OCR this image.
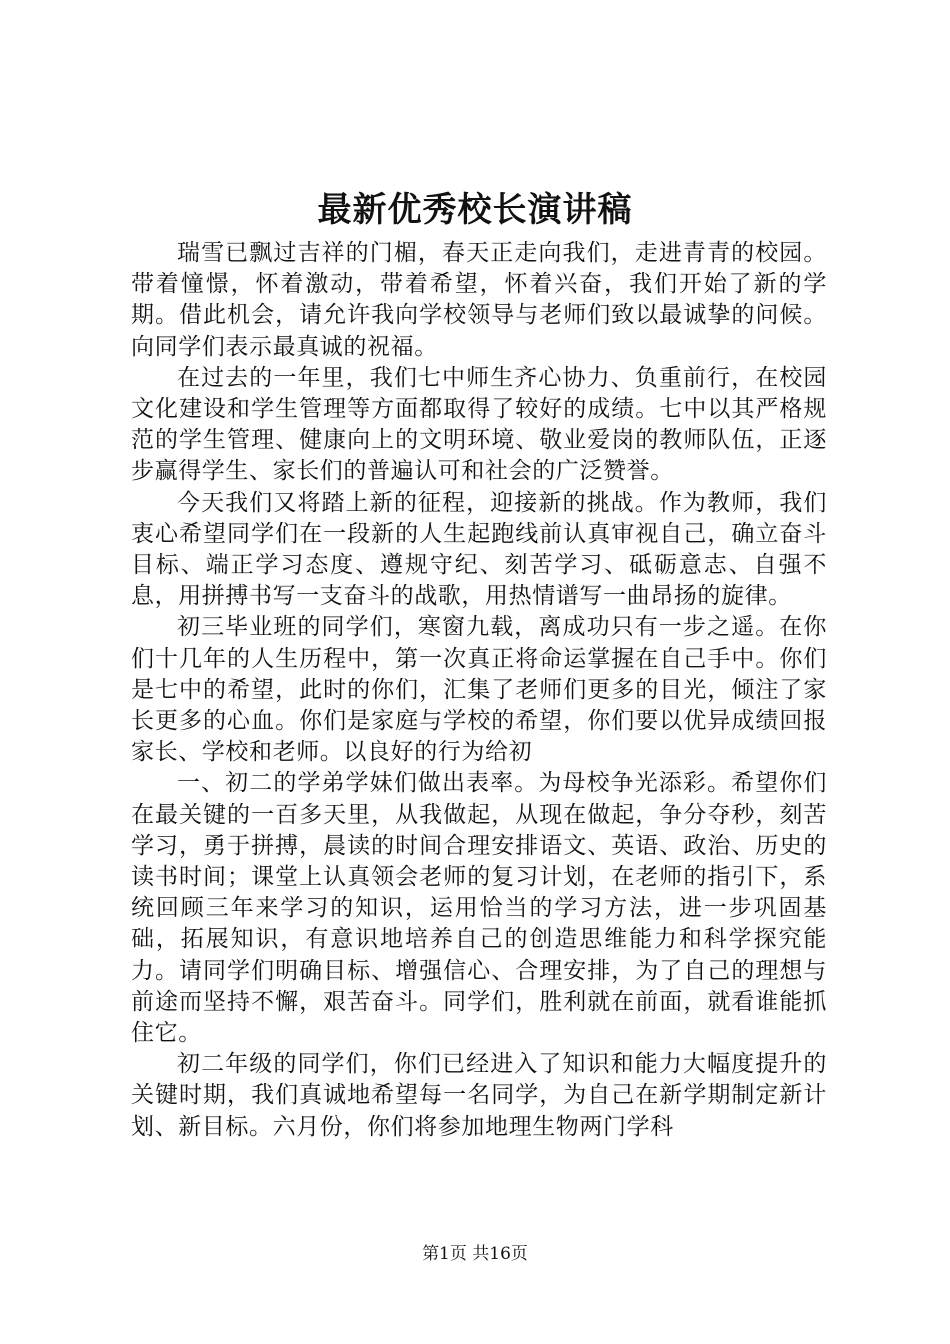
最新优秀校长演讲稿

瑞雪已飘过吉祥的门楣，春天正走向我们，走进青青的校园。带着憧憬，怀着激动，带着希望，怀着兴奋，我们开始了新的学期。借此机会，请允许我向学校领导与老师们致以最诚挚的问候。向同学们表示最真诚的祝福。

在过去的一年里，我们七中师生齐心协力、负重前行，在校园文化建设和学生管理等方面都取得了较好的成绩。七中以其严格规范的学生管理、健康向上的文明环境、敬业爱岗的教师队伍，正逐步赢得学生、家长们的普遍认可和社会的广泛赞誉。

今天我们又将踏上新的征程，迎接新的挑战。作为教师，我们衷心希望同学们在一段新的人生起跑线前认真审视自己，确立奋斗目标、端正学习态度、遵规守纪、刻苦学习、砥砺意志、自强不息，用拼搏书写一支奋斗的战歌，用热情谱写一曲昂扬的旋律。

初三毕业班的同学们，寒窗九载，离成功只有一步之遥。在你们十几年的人生历程中，第一次真正将命运掌握在自己手中。你们是七中的希望，此时的你们，汇集了老师们更多的目光，倾注了家长更多的心血。你们是家庭与学校的希望，你们要以优异成绩回报家长、学校和老师。以良好的行为给初

一、初二的学弟学妹们做出表率。为母校争光添彩。希望你们在最关键的一百多天里，从我做起，从现在做起，争分夺秒，刻苦学习，勇于拼搏，晨读的时间合理安排语文、英语、政治、历史的读书时间；课堂上认真领会老师的复习计划，在老师的指引下，系统回顾三年来学习的知识，运用恰当的学习方法，进一步巩固基础，拓展知识，有意识地培养自己的创造思维能力和科学探究能力。请同学们明确目标、增强信心、合理安排，为了自己的理想与前途而坚持不懈，艰苦奋斗。同学们，胜利就在前面，就看谁能抓住它。

初二年级的同学们，你们已经进入了知识和能力大幅度提升的关键时期，我们真诚地希望每一名同学，为自己在新学期制定新计划、新目标。六月份，你们将参加地理生物两门学科

第1页 共16页
